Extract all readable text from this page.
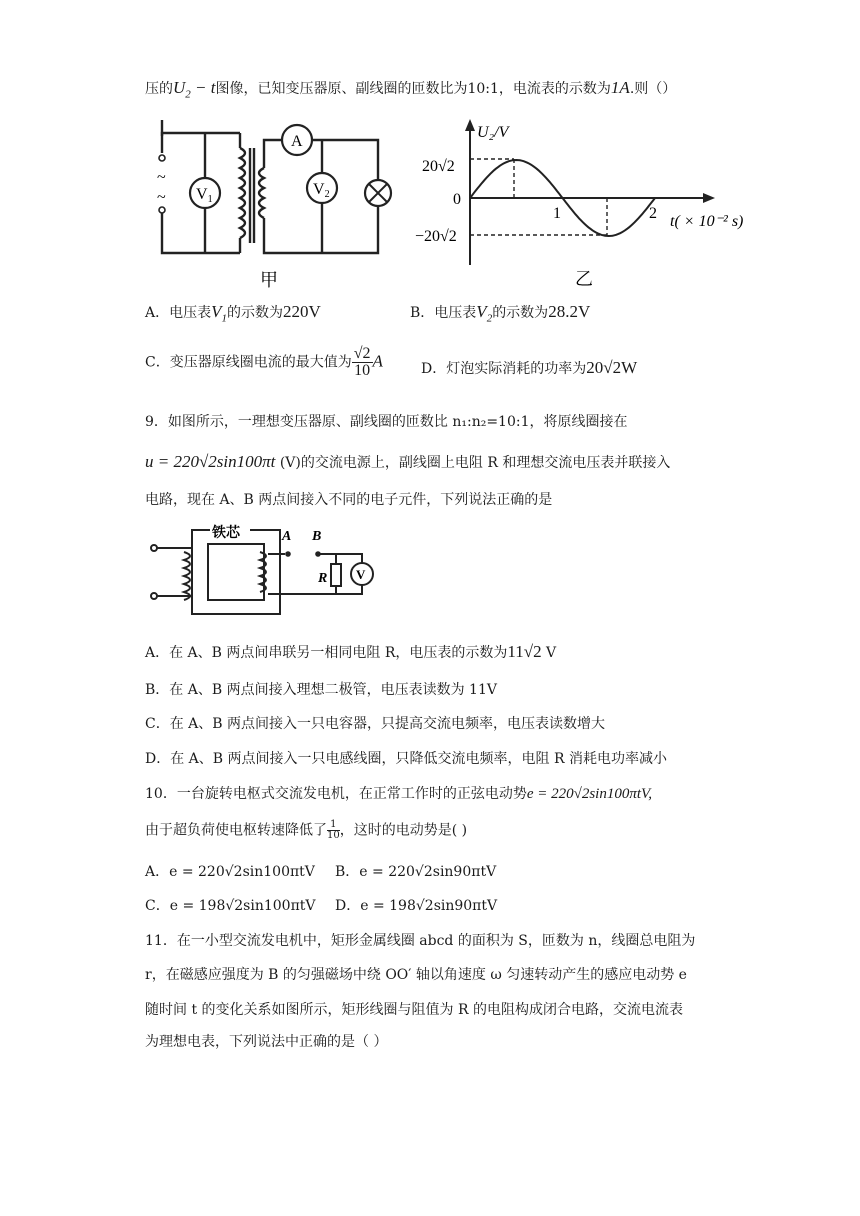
压的$U_2 - t$图像，已知变压器原、副线圈的匝数比为10:1，电流表的示数为1A.则（）
~
~ V1
A
V2
甲
U₂/V
20√2
0
−20√2
1	2 t( × 10⁻² s)
乙
A．电压表$V_1$的示数为220V	B．电压表$V_2$的示数为28.2V
C．变压器原线圈电流的最大值为 $\frac{√2}{10}$ A	D．灯泡实际消耗的功率为20√2W
9．如图所示，一理想变压器原、副线圈的匝数比 n₁:n₂=10:1，将原线圈接在
u = 220√2sin100πt (V)的交流电源上，副线圈上电阻 R 和理想交流电压表并联接入
电路，现在 A、B 两点间接入不同的电子元件，下列说法正确的是
铁芯	A B
R V
A．在 A、B 两点间串联另一相同电阻 R，电压表的示数为11√2 V
B．在 A、B 两点间接入理想二极管，电压表读数为 11V
C．在 A、B 两点间接入一只电容器，只提高交流电频率，电压表读数增大
D．在 A、B 两点间接入一只电感线圈，只降低交流电频率，电阻 R 消耗电功率减小
10．一台旋转电枢式交流发电机，在正常工作时的正弦电动势e = 220√2sin100πtV,
由于超负荷使电枢转速降低了 $\frac{1}{10}$ ，这时的电动势是( )
A．e = 220√2sin100πtV B．e = 220√2sin90πtV
C．e = 198√2sin100πtV D．e = 198√2sin90πtV
11．在一小型交流发电机中，矩形金属线圈 abcd 的面积为 S，匝数为 n，线圈总电阻为
r，在磁感应强度为 B 的匀强磁场中绕 OO′ 轴以角速度 ω 匀速转动产生的感应电动势 e
随时间 t 的变化关系如图所示，矩形线圈与阻值为 R 的电阻构成闭合电路，交流电流表
为理想电表，下列说法中正确的是（ ）
